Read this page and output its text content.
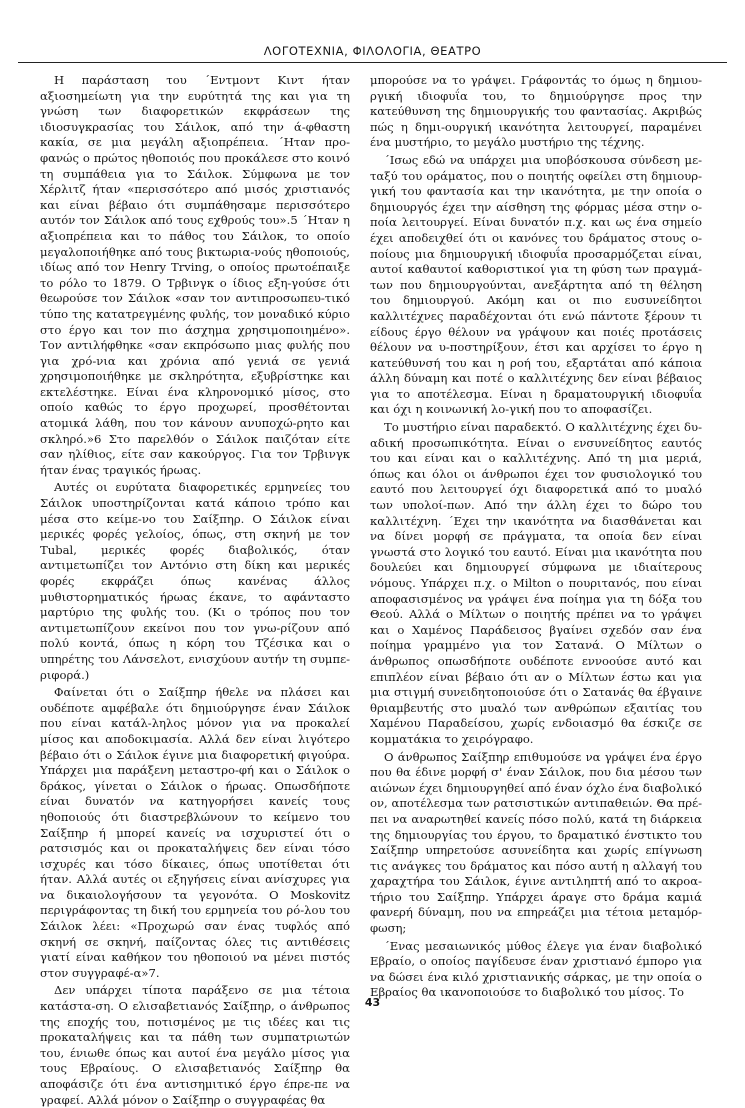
ΛΟΓΟΤΕΧΝΙΑ, ΦΙΛΟΛΟΓΙΑ, ΘΕΑΤΡΟ

Η παράσταση του ΄Εντμοντ Κιντ ήταν αξιοσημείωτη για την ευρύτητά της και για τη γνώση των διαφορετικών εκφράσεων της ιδιοσυγκρασίας του Σάιλοκ, από την ά-φθαστη κακία, σε μια μεγάλη αξιοπρέπεια. ΄Ηταν προ-φανώς ο πρώτος ηθοποιός που προκάλεσε στο κοινό τη συμπάθεια για το Σάιλοκ. Σύμφωνα με τον Χέρλιτζ ήταν «περισσότερο από μισός χριστιανός και είναι βέβαιο ότι συμπάθησαμε περισσότερο αυτόν τον Σάιλοκ από τους εχθρούς του».5 ΄Ηταν η αξιοπρέπεια και το πάθος του Σάιλοκ, το οποίο μεγαλοποιήθηκε από τους βικτωρια-νούς ηθοποιούς, ιδίως από τον Henry Trving, ο οποίος πρωτοέπαιξε το ρόλο το 1879. Ο Τρβινγκ ο ίδιος εξη-γούσε ότι θεωρούσε τον Σάιλοκ «σαν τον αντιπροσωπευ-τικό τύπο της κατατρεγμένης φυλής, τον μοναδικό κύριο στο έργο και τον πιο άσχημα χρησιμοποιημένο». Τον αντιλήφθηκε «σαν εκπρόσωπο μιας φυλής που για χρό-νια και χρόνια από γενιά σε γενιά χρησιμοποιήθηκε με σκληρότητα, εξυβρίστηκε και εκτελέστηκε. Είναι ένα κληρονομικό μίσος, στο οποίο καθώς το έργο προχωρεί, προσθέτονται ατομικά λάθη, που τον κάνουν ανυποχώ-ρητο και σκληρό.»6 Στο παρελθόν ο Σάιλοκ παιζόταν είτε σαν ηλίθιος, είτε σαν κακούργος. Για τον Τρβινγκ ήταν ένας τραγικός ήρωας.

Αυτές οι ευρύτατα διαφορετικές ερμηνείες του Σάιλοκ υποστηρίζονται κατά κάποιο τρόπο και μέσα στο κείμε-νο του Σαίξπηρ. Ο Σάιλοκ είναι μερικές φορές γελοίος, όπως, στη σκηνή με τον Tubal, μερικές φορές διαβολικός, όταν αντιμετωπίζει τον Αντόνιο στη δίκη και μερικές φορές εκφράζει όπως κανένας άλλος μυθιστορηματικός ήρωας έκανε, το αφάνταστο μαρτύριο της φυλής του. (Κι ο τρόπος που τον αντιμετωπίζουν εκείνοι που τον γνω-ρίζουν από πολύ κοντά, όπως η κόρη του Τζέσικα και ο υπηρέτης του Λάνσελοτ, ενισχύουν αυτήν τη συμπε-ριφορά.)

Φαίνεται ότι ο Σαίξπηρ ήθελε να πλάσει και ουδέποτε αμφέβαλε ότι δημιούργησε έναν Σάιλοκ που είναι κατάλ-ληλος μόνον για να προκαλεί μίσος και αποδοκιμασία. Αλλά δεν είναι λιγότερο βέβαιο ότι ο Σάιλοκ έγινε μια διαφορετική φιγούρα. Υπάρχει μια παράξενη μεταστρο-φή και ο Σάιλοκ ο δράκος, γίνεται ο Σάιλοκ ο ήρωας. Οπωσδήποτε είναι δυνατόν να κατηγορήσει κανείς τους ηθοποιούς ότι διαστρεβλώνουν το κείμενο του Σαίξπηρ ή μπορεί κανείς να ισχυριστεί ότι ο ρατσισμός και οι προκαταλήψεις δεν είναι τόσο ισχυρές και τόσο δίκαιες, όπως υποτίθεται ότι ήταν. Αλλά αυτές οι εξηγήσεις είναι ανίσχυρες για να δικαιολογήσουν τα γεγονότα. Ο Moskovitz περιγράφοντας τη δική του ερμηνεία του ρό-λου του Σάιλοκ λέει: «Προχωρώ σαν ένας τυφλός από σκηνή σε σκηνή, παίζοντας όλες τις αντιθέσεις γιατί είναι καθήκον του ηθοποιού να μένει πιστός στον συγγραφέ-α»7.

Δεν υπάρχει τίποτα παράξενο σε μια τέτοια κατάστα-ση. Ο ελισαβετιανός Σαίξπηρ, ο άνθρωπος της εποχής του, ποτισμένος με τις ιδέες και τις προκαταλήψεις και τα πάθη των συμπατριωτών του, ένιωθε όπως και αυτοί ένα μεγάλο μίσος για τους Εβραίους. Ο ελισαβετιανός Σαίξπηρ θα αποφάσιζε ότι ένα αντισημιτικό έργο έπρε-πε να γραφεί. Αλλά μόνον ο Σαίξπηρ ο συγγραφέας θα

μπορούσε να το γράψει. Γράφοντάς το όμως η δημιου-ργική ιδιοφυΐα του, το δημιούργησε προς την κατεύθυνση της δημιουργικής του φαντασίας. Ακριβώς πώς η δημι-ουργική ικανότητα λειτουργεί, παραμένει ένα μυστήριο, το μεγάλο μυστήριο της τέχνης.

΄Ισως εδώ να υπάρχει μια υποβόσκουσα σύνδεση με-ταξύ του οράματος, που ο ποιητής οφείλει στη δημιουρ-γική του φαντασία και την ικανότητα, με την οποία ο δημιουργός έχει την αίσθηση της φόρμας μέσα στην ο-ποία λειτουργεί. Είναι δυνατόν π.χ. και ως ένα σημείο έχει αποδειχθεί ότι οι κανόνες του δράματος στους ο-ποίους μια δημιουργική ιδιοφυΐα προσαρμόζεται είναι, αυτοί καθαυτοί καθοριστικοί για τη φύση των πραγμά-των που δημιουργούνται, ανεξάρτητα από τη θέληση του δημιουργού. Ακόμη και οι πιο ευσυνείδητοι καλλιτέχνες παραδέχονται ότι ενώ πάντοτε ξέρουν τι είδους έργο θέλουν να γράψουν και ποιές προτάσεις θέλουν να υ-ποστηρίξουν, έτσι και αρχίσει το έργο η κατεύθυνσή του και η ροή του, εξαρτάται από κάποια άλλη δύναμη και ποτέ ο καλλιτέχνης δεν είναι βέβαιος για το αποτέλεσμα. Είναι η δραματουργική ιδιοφυΐα και όχι η κοινωνική λο-γική που το αποφασίζει.

Το μυστήριο είναι παραδεκτό. Ο καλλιτέχνης έχει δυ-αδική προσωπικότητα. Είναι ο ενσυνείδητος εαυτός του και είναι και ο καλλιτέχνης. Από τη μια μεριά, όπως και όλοι οι άνθρωποι έχει τον φυσιολογικό του εαυτό που λειτουργεί όχι διαφορετικά από το μυαλό των υπολοί-πων. Από την άλλη έχει το δώρο του καλλιτέχνη. ΄Εχει την ικανότητα να διασθάνεται και να δίνει μορφή σε πράγματα, τα οποία δεν είναι γνωστά στο λογικό του εαυτό. Είναι μια ικανότητα που δουλεύει και δημιουργεί σύμφωνα με ιδιαίτερους νόμους. Υπάρχει π.χ. ο Milton ο πουριτανός, που είναι αποφασισμένος να γράψει ένα ποίημα για τη δόξα του Θεού. Αλλά ο Μίλτων ο ποιητής πρέπει να το γράψει και ο Χαμένος Παράδεισος βγαίνει σχεδόν σαν ένα ποίημα γραμμένο για τον Σατανά. Ο Μίλτων ο άνθρωπος οπωσδήποτε ουδέποτε εννοούσε αυτό και επιπλέον είναι βέβαιο ότι αν ο Μίλτων έστω και για μια στιγμή συνειδητοποιούσε ότι ο Σατανάς θα έβγαινε θριαμβευτής στο μυαλό των ανθρώπων εξαιτίας του Χαμένου Παραδείσου, χωρίς ενδοιασμό θα έσκιζε σε κομματάκια το χειρόγραφο.

Ο άνθρωπος Σαίξπηρ επιθυμούσε να γράψει ένα έργο που θα έδινε μορφή σ' έναν Σάιλοκ, που δια μέσου των αιώνων έχει δημιουργηθεί από έναν όχλο ένα διαβολικό ον, αποτέλεσμα των ρατσιστικών αντιπαθειών. Θα πρέ-πει να αναρωτηθεί κανείς πόσο πολύ, κατά τη διάρκεια της δημιουργίας του έργου, το δραματικό ένστικτο του Σαίξπηρ υπηρετούσε ασυνείδητα και χωρίς επίγνωση τις ανάγκες του δράματος και πόσο αυτή η αλλαγή του χαραχτήρα του Σάιλοκ, έγινε αντιληπτή από το ακροα-τήριο του Σαίξπηρ. Υπάρχει άραγε στο δράμα καμιά φανερή δύναμη, που να επηρεάζει μια τέτοια μεταμόρ-φωση;

΄Ενας μεσαιωνικός μύθος έλεγε για έναν διαβολικό Εβραίο, ο οποίος παγίδευσε έναν χριστιανό έμπορο για να δώσει ένα κιλό χριστιανικής σάρκας, με την οποία ο Εβραίος θα ικανοποιούσε το διαβολικό του μίσος. Το

43
